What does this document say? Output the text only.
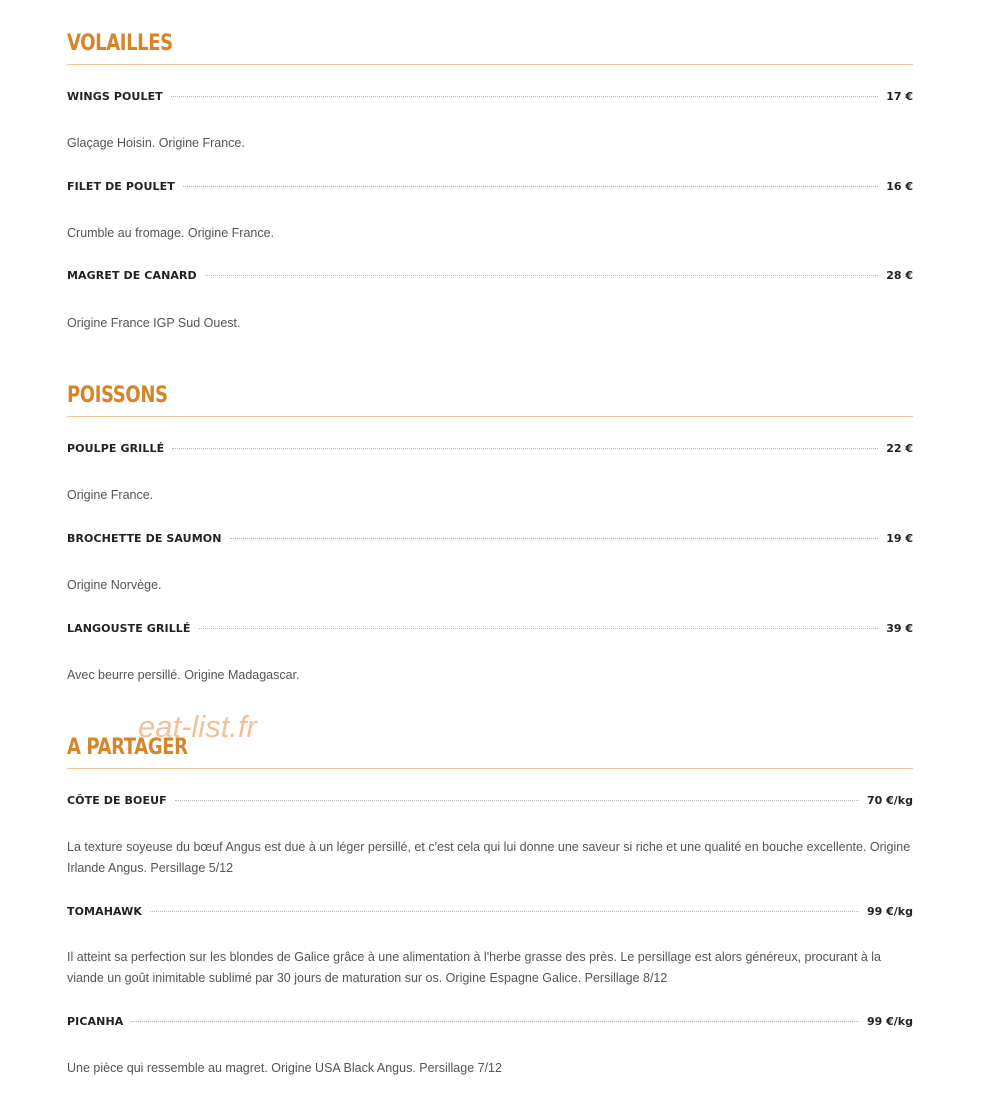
VOLAILLES
WINGS POULET	17 €

Glaçage Hoisin. Origine France.

FILET DE POULET	16 €

Crumble au fromage. Origine France.

MAGRET DE CANARD	28 €

Origine France IGP Sud Ouest.

POISSONS
POULPE GRILLÉ	22 €

Origine France.

BROCHETTE DE SAUMON	19 €

Origine Norvège.

LANGOUSTE GRILLÉ	39 €

Avec beurre persillé. Origine Madagascar.

A PARTAGER
CÔTE DE BOEUF	70 €/kg

La texture soyeuse du bœuf Angus est due à un léger persillé, et c'est cela qui lui donne une saveur si riche et une qualité en bouche excellente. Origine Irlande Angus. Persillage 5/12

TOMAHAWK	99 €/kg

Il atteint sa perfection sur les blondes de Galice grâce à une alimentation à l'herbe grasse des près. Le persillage est alors généreux, procurant à la viande un goût inimitable sublimé par 30 jours de maturation sur os. Origine Espagne Galice. Persillage 8/12

PICANHA	99 €/kg

Une pièce qui ressemble au magret. Origine USA Black Angus. Persillage 7/12

eat-list.fr
